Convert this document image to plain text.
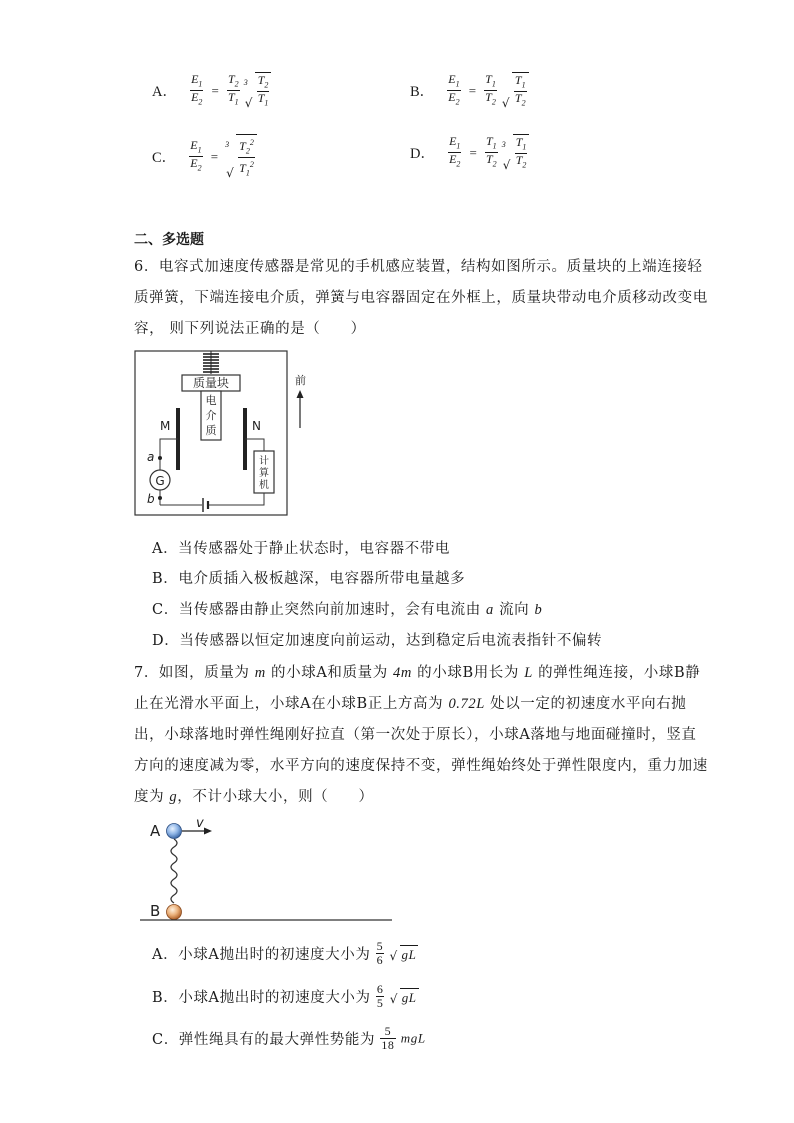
A． $\frac{E_1}{E_2} = \frac{T_2}{T_1}$
3
√ $\frac{T_2}{T_1}$	B． $\frac{E_1}{E_2} = \frac{T_1}{T_2}$
√ $\frac{T_1}{T_2}$
C． $\frac{E_1}{E_2}$ =
3
√ $\frac{T_2^2}{T_1^2}$	D． $\frac{E_1}{E_2} = \frac{T_1}{T_2}$
3
√ $\frac{T_1}{T_2}$
二、多选题
6．电容式加速度传感器是常见的手机感应装置，结构如图所示。质量块的上端连接轻
质弹簧，下端连接电介质，弹簧与电容器固定在外框上，质量块带动电介质移动改变电
容， 则下列说法正确的是（　　）
质量块
电
介
质
M	N
a
G
b
计
算
机
前
A．当传感器处于静止状态时，电容器不带电
B．电介质插入极板越深，电容器所带电量越多
C．当传感器由静止突然向前加速时，会有电流由 a 流向 b
D．当传感器以恒定加速度向前运动，达到稳定后电流表指针不偏转
7．如图，质量为 m 的小球A和质量为 4m 的小球B用长为 L 的弹性绳连接，小球B静
止在光滑水平面上，小球A在小球B正上方高为 0.72L 处以一定的初速度水平向右抛
出，小球落地时弹性绳刚好拉直（第一次处于原长），小球A落地与地面碰撞时，竖直
方向的速度减为零，水平方向的速度保持不变，弹性绳始终处于弹性限度内，重力加速
度为 g，不计小球大小，则（　　）
A
B
v
A．小球A抛出时的初速度大小为 $\frac{5}{6}$
√ gL
B．小球A抛出时的初速度大小为 $\frac{6}{5}$
√ gL
C．弹性绳具有的最大弹性势能为 $\frac{5}{18}$ mgL
